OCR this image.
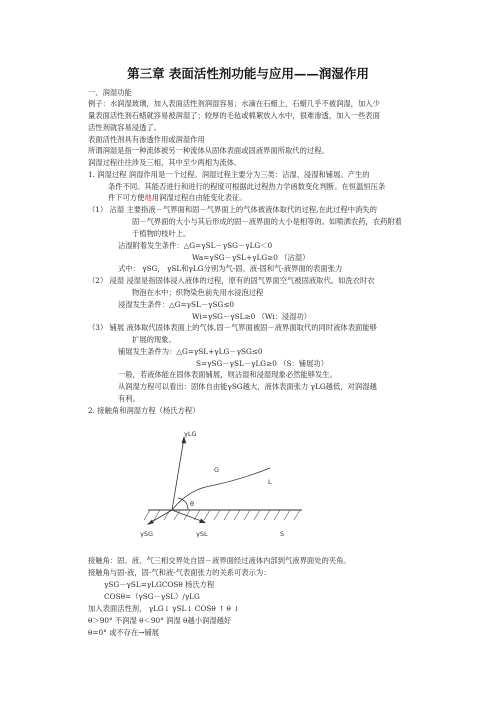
第三章 表面活性剂功能与应用——润湿作用
一、润湿功能
例子：水润湿玻璃，加入表面活性剂润湿容易；水滴在石蜡上，石蜡几乎不被润湿，加入少
量表面活性剂石蜡就容易被润湿了；较厚的毛毡或棉絮放入水中，很难渗透，加入一些表面
活性剂就容易浸透了。
表面活性剂具有渗透作用或润湿作用
所谓润湿是指一种流体被另一种流体从固体表面或固液界面所取代的过程。
润湿过程往往涉及三相，其中至少两相为流体。
1. 润湿过程 润湿作用是一个过程。润湿过程主要分为三类：沾湿、浸湿和铺展。产生的
条件不同。其能否进行和进行的程度可根据此过程热力学函数变化判断。在恒温恒压条
件下可方便地用润湿过程自由能变化表征。
（1） 沾湿 主要指液－气界面和固－气界面上的气体被液体取代的过程,在此过程中消失的
固－气界面的大小与其后形成的固－液界面的大小是相等的。如喷洒农药，农药附着
于植物的枝叶上。
沾湿附着发生条件：△G=γSL－γSG－γLG＜0
Wa=γSG－γSL+γLG≥0 （沾湿）
式中： γSG， γSL和γLG分别为气-固、液-固和气-液界面的表面张力
（2） 浸湿 浸湿是指固体浸入液体的过程，原有的固气界面空气被固液取代。如洗衣时衣
物泡在水中；织物染色前先用水浸泡过程
浸湿发生条件：△G=γSL－γSG≤0
Wi=γSG－γSL≥0 （Wi：浸湿功）
（3） 铺展 液体取代固体表面上的气体,固－气界面被固－液界面取代的同时液体表面能够
扩展的现象。
铺展发生条件为：△G=γSL+γLG－γSG≤0
S=γSG－γSL－γLG≥0 （S：铺展功）
一般，若液体能在固体表面铺展，则沾湿和浸湿现象必然能够发生。
从润湿方程可以看出：固体自由能γSG越大，液体表面张力 γLG越低，对润湿越
有利。
2. 接触角和润湿方程（杨氏方程）
γLG
G
L
θ
γSG	γSL	S
接触角：固、液、气三相交界处自固－液界面经过液体内部到气液界面处的夹角。
接触角与固-液，固-气和液-气表面张力的关系可表示为：
γSG－γSL=γLGCOSθ 杨氏方程
COSθ=（γSG－γSL）/γLG
加入表面活性剂， γLG↓ γSL↓ COSθ ↑ θ ↓
θ＞90° 不润湿 θ＜90° 润湿 θ越小润湿越好
θ=0° 或不存在→铺展
